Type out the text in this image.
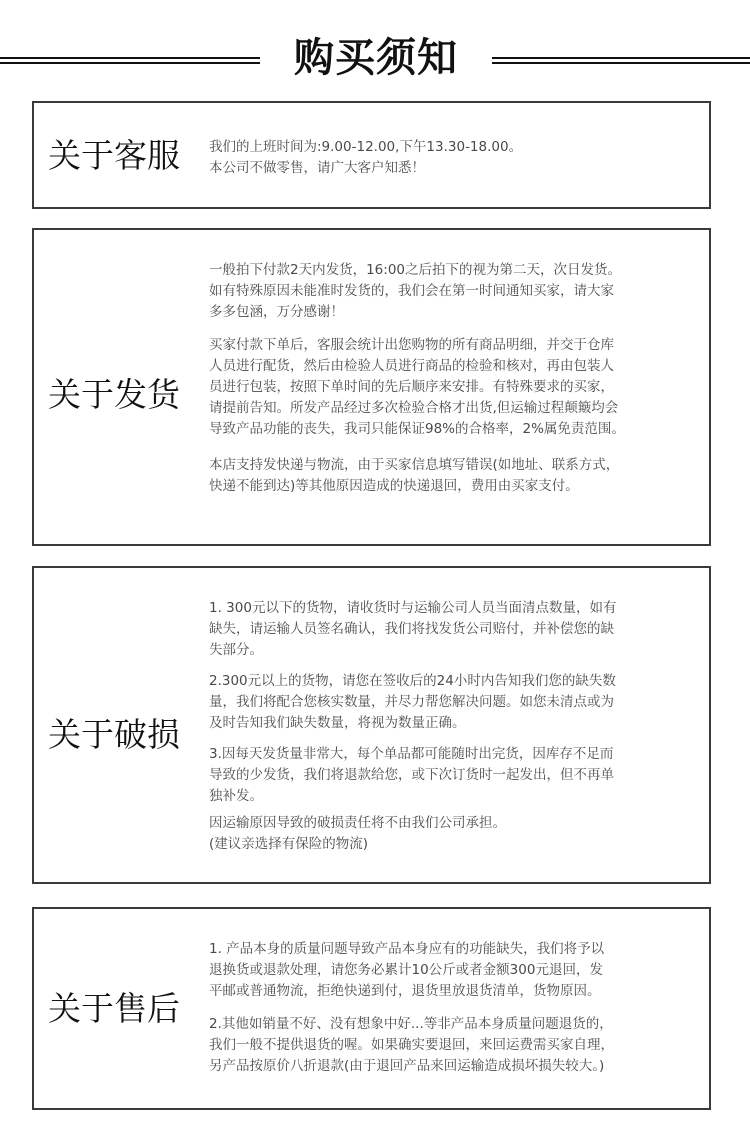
购买须知
关于客服	我们的上班时间为:9.00-12.00,下午13.30-18.00。
本公司不做零售，请广大客户知悉！

关于发货

一般拍下付款2天内发货，16:00之后拍下的视为第二天，次日发货。
如有特殊原因未能准时发货的，我们会在第一时间通知买家，请大家
多多包涵，万分感谢！

买家付款下单后，客服会统计出您购物的所有商品明细，并交于仓库
人员进行配货，然后由检验人员进行商品的检验和核对，再由包装人
员进行包装，按照下单时间的先后顺序来安排。有特殊要求的买家，
请提前告知。所发产品经过多次检验合格才出货,但运输过程颠簸均会
导致产品功能的丧失，我司只能保证98%的合格率，2%属免责范围。

本店支持发快递与物流，由于买家信息填写错误(如地址、联系方式，
快递不能到达)等其他原因造成的快递退回，费用由买家支付。

关于破损

1. 300元以下的货物，请收货时与运输公司人员当面清点数量，如有
缺失，请运输人员签名确认，我们将找发货公司赔付，并补偿您的缺
失部分。

2.300元以上的货物，请您在签收后的24小时内告知我们您的缺失数
量，我们将配合您核实数量，并尽力帮您解决问题。如您未清点或为
及时告知我们缺失数量，将视为数量正确。

3.因每天发货量非常大，每个单品都可能随时出完货，因库存不足而
导致的少发货，我们将退款给您，或下次订货时一起发出，但不再单
独补发。

因运输原因导致的破损责任将不由我们公司承担。
(建议亲选择有保险的物流)

关于售后

1. 产品本身的质量问题导致产品本身应有的功能缺失，我们将予以
退换货或退款处理，请您务必累计10公斤或者金额300元退回，发
平邮或普通物流，拒绝快递到付，退货里放退货清单，货物原因。

2.其他如销量不好、没有想象中好...等非产品本身质量问题退货的，
我们一般不提供退货的喔。如果确实要退回，来回运费需买家自理，
另产品按原价八折退款(由于退回产品来回运输造成损坏损失较大。)
